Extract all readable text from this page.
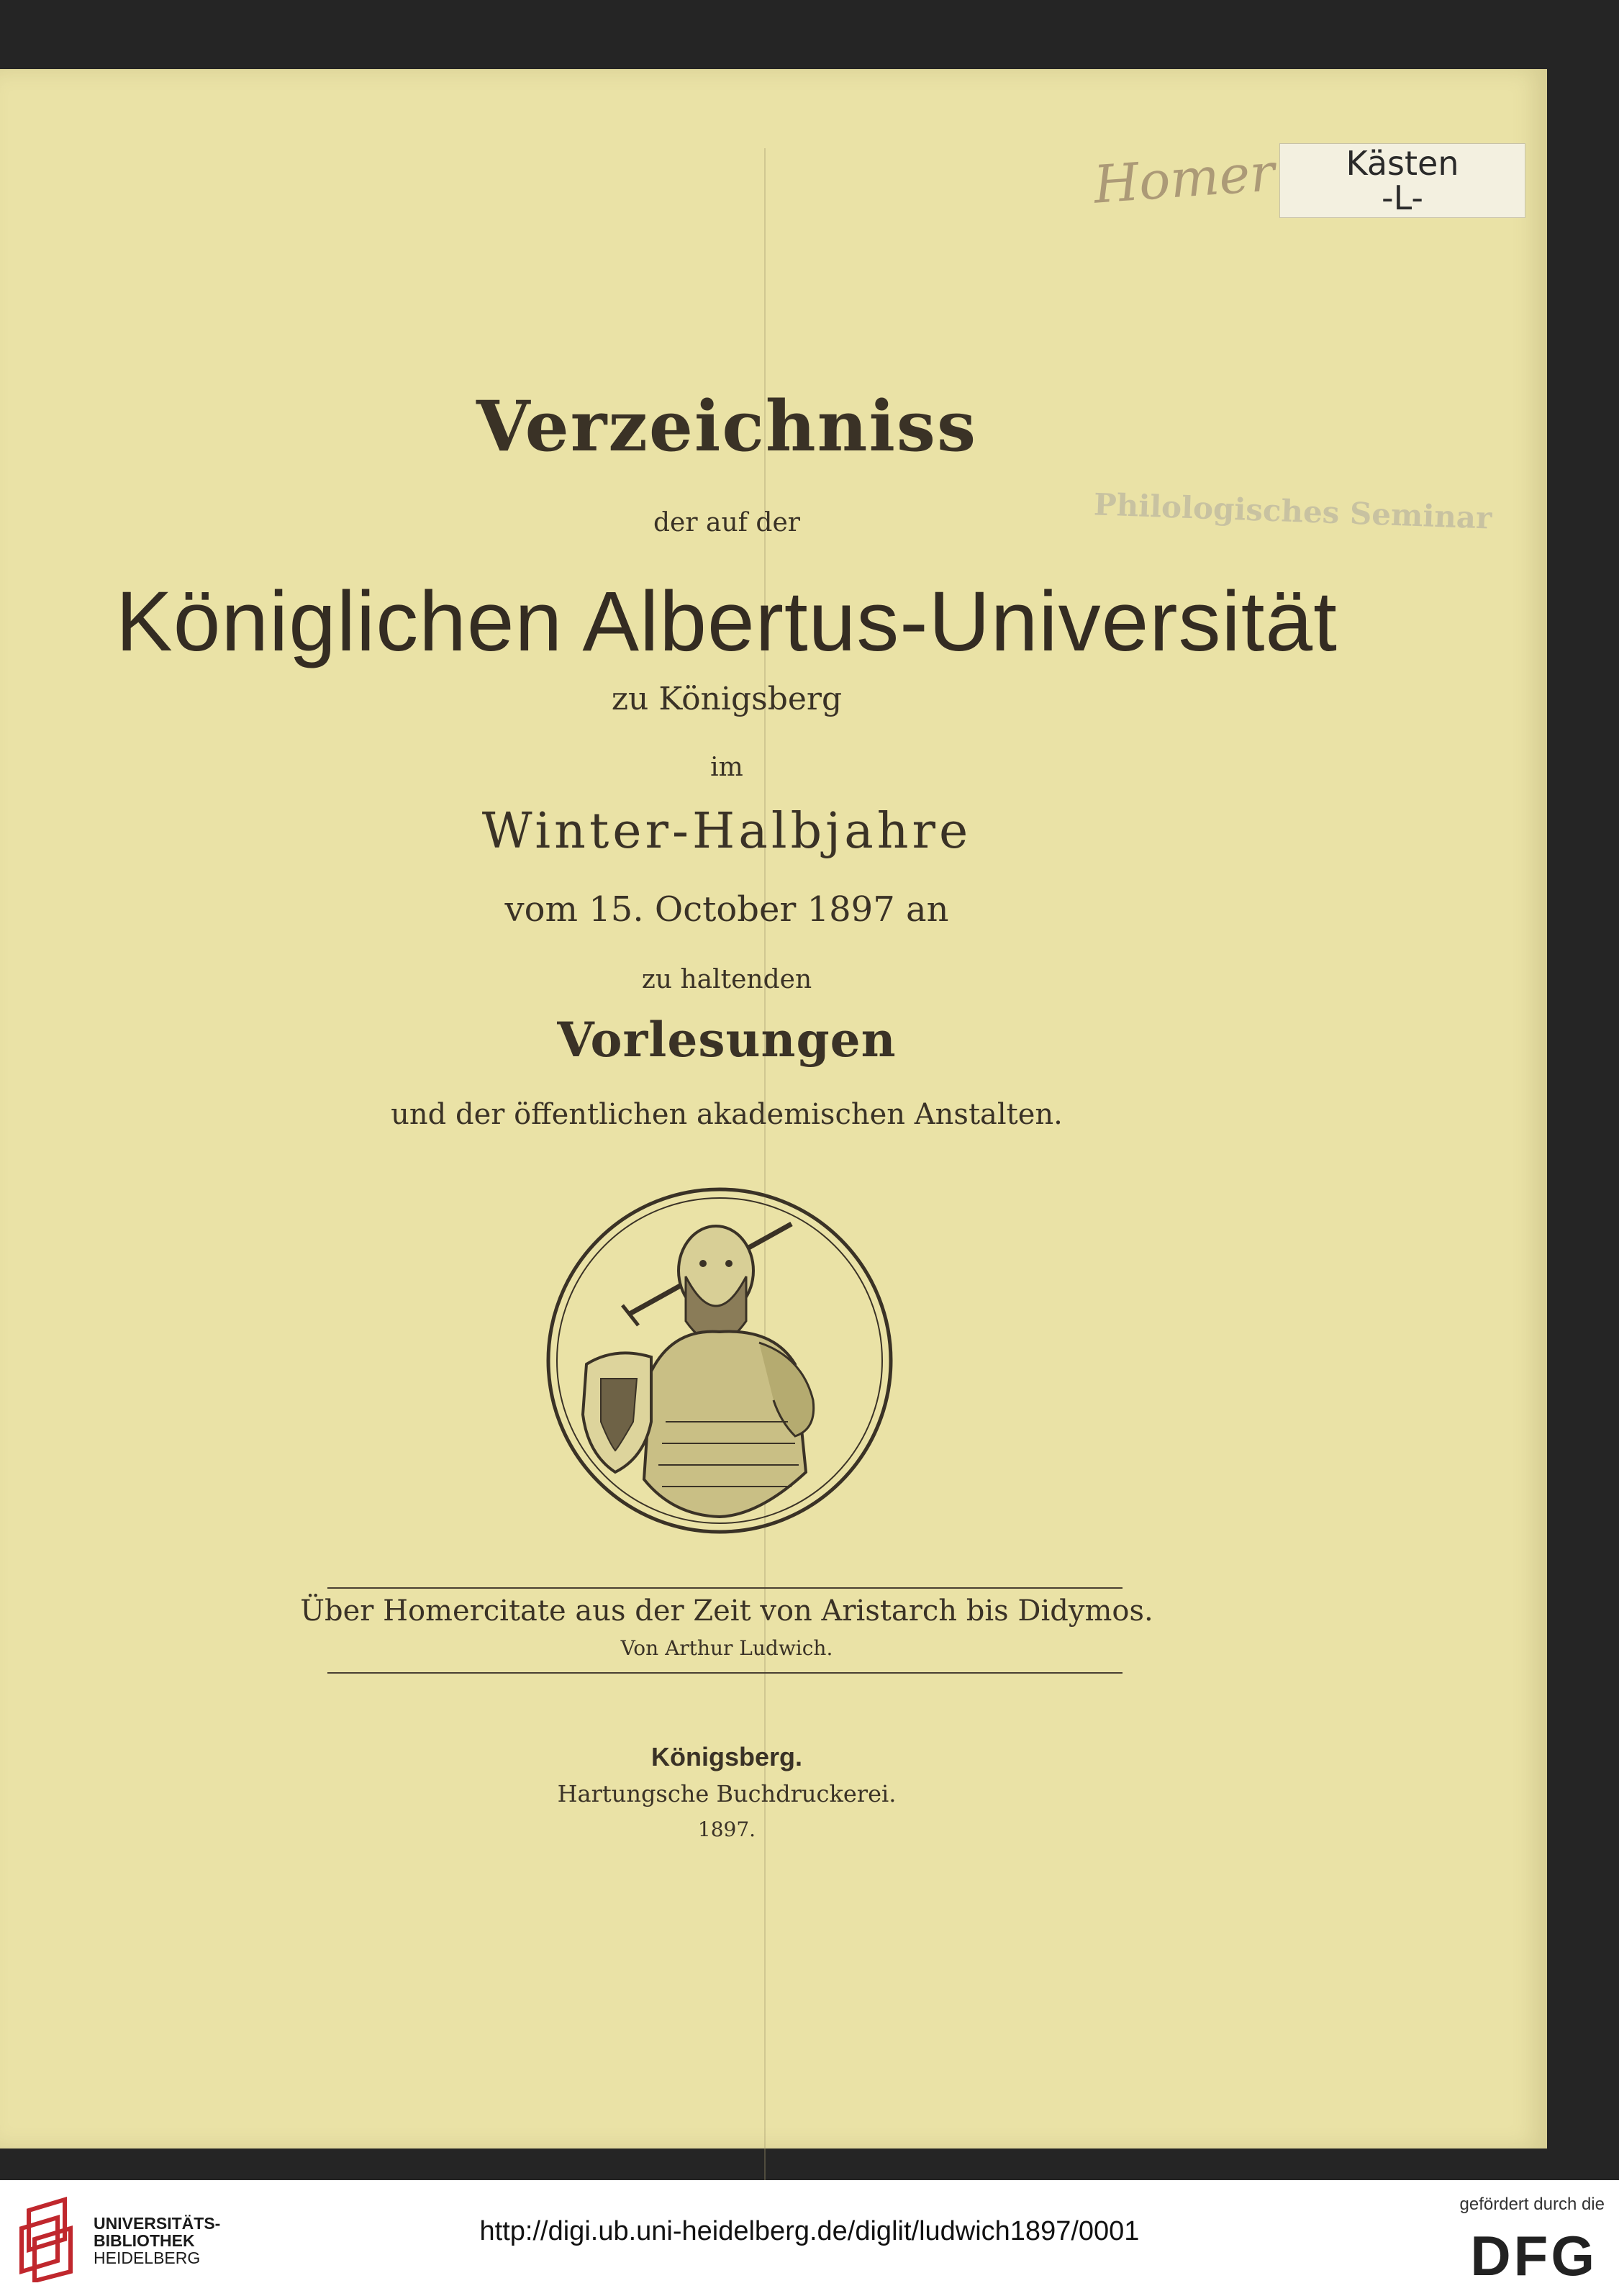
Homer	Kästen
-L-
Philologisches Seminar
Verzeichniss
der auf der
Königlichen Albertus-Universität
zu Königsberg
im
Winter-Halbjahre
vom 15. October 1897 an
zu haltenden
Vorlesungen
und der öffentlichen akademischen Anstalten.
Über Homercitate aus der Zeit von Aristarch bis Didymos.
Von Arthur Ludwich.
Königsberg.
Hartungsche Buchdruckerei.
1897.
UNIVERSITÄTS-
BIBLIOTHEK
HEIDELBERG
http://digi.ub.uni-heidelberg.de/diglit/ludwich1897/0001
gefördert durch die
DFG
